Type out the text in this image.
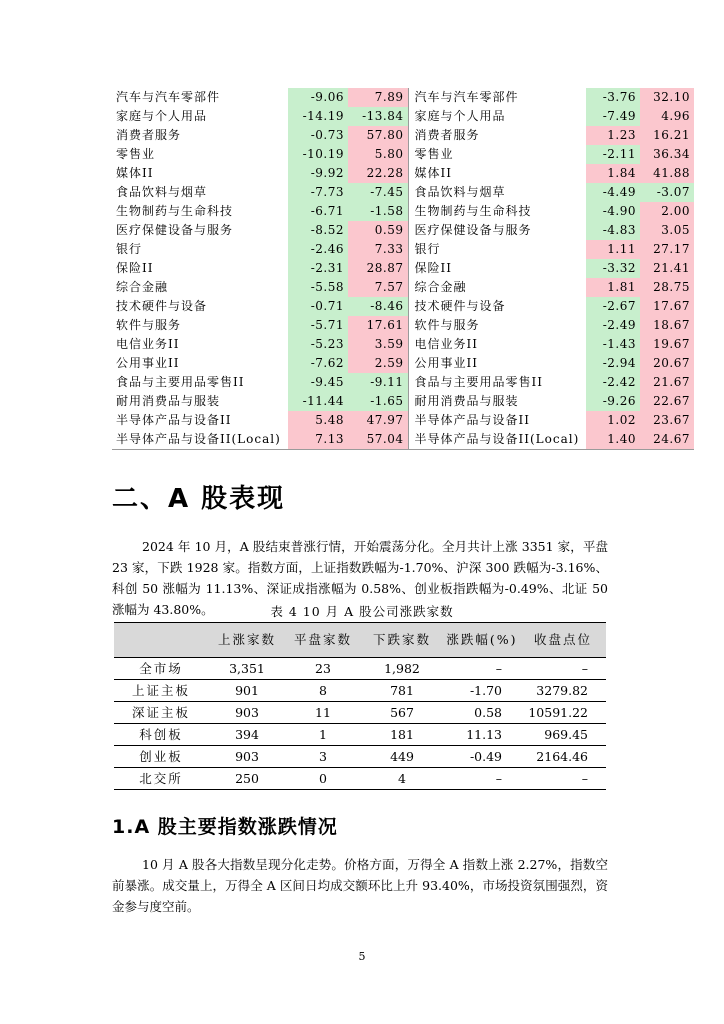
汽车与汽车零部件	-9.06	7.89	汽车与汽车零部件	-3.76	32.10
家庭与个人用品	-14.19	-13.84	家庭与个人用品	-7.49	4.96
消费者服务	-0.73	57.80	消费者服务	1.23	16.21
零售业	-10.19	5.80	零售业	-2.11	36.34
媒体II	-9.92	22.28	媒体II	1.84	41.88
食品饮料与烟草	-7.73	-7.45	食品饮料与烟草	-4.49	-3.07
生物制药与生命科技	-6.71	-1.58	生物制药与生命科技	-4.90	2.00
医疗保健设备与服务	-8.52	0.59	医疗保健设备与服务	-4.83	3.05
银行	-2.46	7.33	银行	1.11	27.17
保险II	-2.31	28.87	保险II	-3.32	21.41
综合金融	-5.58	7.57	综合金融	1.81	28.75
技术硬件与设备	-0.71	-8.46	技术硬件与设备	-2.67	17.67
软件与服务	-5.71	17.61	软件与服务	-2.49	18.67
电信业务II	-5.23	3.59	电信业务II	-1.43	19.67
公用事业II	-7.62	2.59	公用事业II	-2.94	20.67
食品与主要用品零售II	-9.45	-9.11	食品与主要用品零售II	-2.42	21.67
耐用消费品与服装	-11.44	-1.65	耐用消费品与服装	-9.26	22.67
半导体产品与设备II	5.48	47.97	半导体产品与设备II	1.02	23.67
半导体产品与设备II(Local)	7.13	57.04	半导体产品与设备II(Local)	1.40	24.67
二、A 股表现

2024 年 10 月，A 股结束普涨行情，开始震荡分化。全月共计上涨 3351 家，平盘 23 家，下跌 1928 家。指数方面，上证指数跌幅为-1.70%、沪深 300 跌幅为-3.16%、科创 50 涨幅为 11.13%、深证成指涨幅为 0.58%、创业板指跌幅为-0.49%、北证 50 涨幅为 43.80%。	表 4 10 月 A 股公司涨跌家数
	上涨家数	平盘家数	下跌家数	涨跌幅(%)	收盘点位
全市场	3,351	23	1,982	–	–
上证主板	901	8	781	-1.70	3279.82
深证主板	903	11	567	0.58	10591.22
科创板	394	1	181	11.13	969.45
创业板	903	3	449	-0.49	2164.46
北交所	250	0	4	–	–
1.A 股主要指数涨跌情况

10 月 A 股各大指数呈现分化走势。价格方面，万得全 A 指数上涨 2.27%，指数空前暴涨。成交量上，万得全 A 区间日均成交额环比上升 93.40%，市场投资氛围强烈，资金参与度空前。

5
